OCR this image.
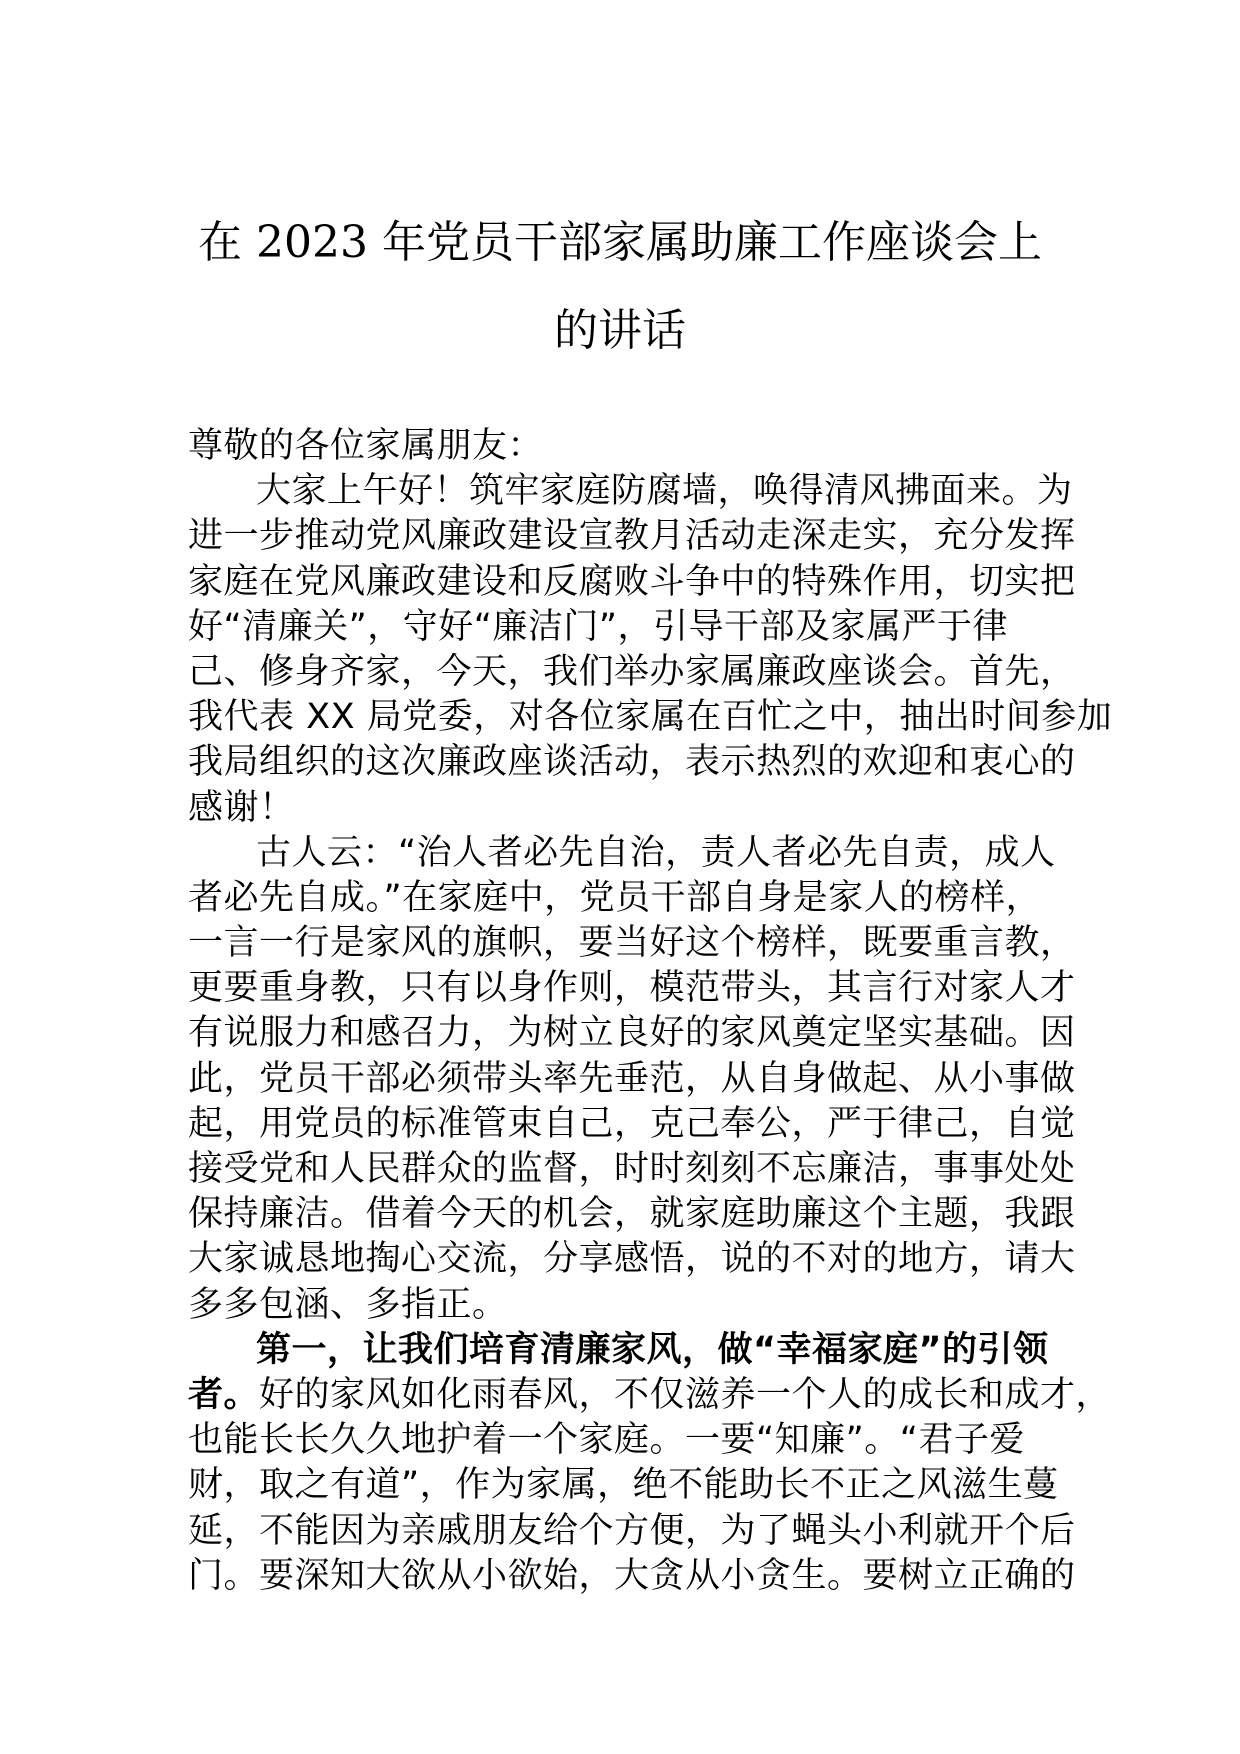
在 2023 年党员干部家属助廉工作座谈会上
的讲话
尊敬的各位家属朋友：
大家上午好！筑牢家庭防腐墙，唤得清风拂面来。为
进一步推动党风廉政建设宣教月活动走深走实，充分发挥
家庭在党风廉政建设和反腐败斗争中的特殊作用，切实把
好“清廉关”，守好“廉洁门”，引导干部及家属严于律
己、修身齐家，今天，我们举办家属廉政座谈会。首先，
我代表 XX 局党委，对各位家属在百忙之中，抽出时间参加
我局组织的这次廉政座谈活动，表示热烈的欢迎和衷心的
感谢！
古人云：“治人者必先自治，责人者必先自责，成人
者必先自成。”在家庭中，党员干部自身是家人的榜样，
一言一行是家风的旗帜，要当好这个榜样，既要重言教，
更要重身教，只有以身作则，模范带头，其言行对家人才
有说服力和感召力，为树立良好的家风奠定坚实基础。因
此，党员干部必须带头率先垂范，从自身做起、从小事做
起，用党员的标准管束自己，克己奉公，严于律己，自觉
接受党和人民群众的监督，时时刻刻不忘廉洁，事事处处
保持廉洁。借着今天的机会，就家庭助廉这个主题，我跟
大家诚恳地掏心交流，分享感悟，说的不对的地方，请大
多多包涵、多指正。
第一，让我们培育清廉家风，做“幸福家庭”的引领
者。好的家风如化雨春风，不仅滋养一个人的成长和成才，
也能长长久久地护着一个家庭。一要“知廉”。“君子爱
财，取之有道”，作为家属，绝不能助长不正之风滋生蔓
延，不能因为亲戚朋友给个方便，为了蝇头小利就开个后
门。要深知大欲从小欲始，大贪从小贪生。要树立正确的
